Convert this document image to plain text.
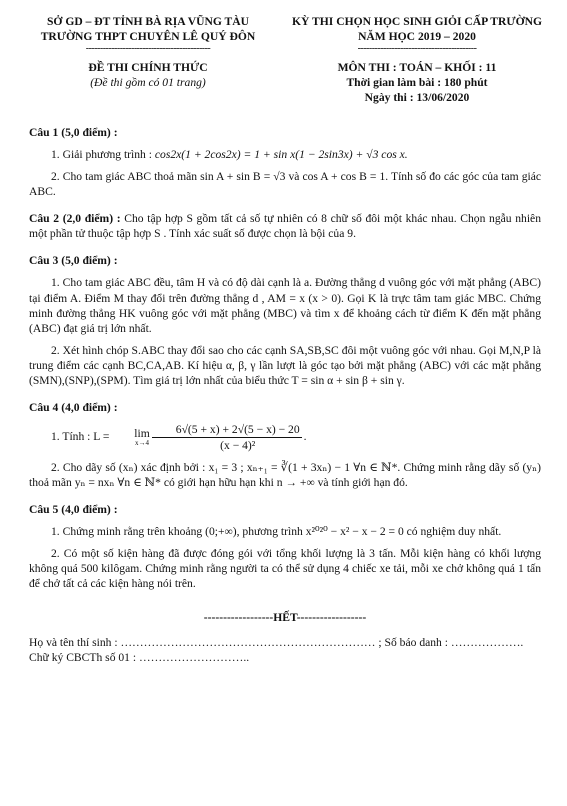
SỞ GD – ĐT TỈNH BÀ RỊA VŨNG TÀU
TRƯỜNG THPT CHUYÊN LÊ QUÝ ĐÔN
--------------------------------------------
ĐỀ THI CHÍNH THỨC
(Đề thi gồm có 01 trang)
KỲ THI CHỌN HỌC SINH GIỎI CẤP TRƯỜNG
NĂM HỌC 2019 – 2020
------------------------------------------
MÔN THI : TOÁN – KHỐI : 11
Thời gian làm bài : 180 phút
Ngày thi : 13/06/2020
Câu 1 (5,0 điểm) :

1. Giải phương trình : cos2x(1 + 2cos2x) = 1 + sin x(1 − 2sin3x) + √3 cos x.

2. Cho tam giác ABC thoả mãn sin A + sin B = √3 và cos A + cos B = 1. Tính số đo các góc của tam giác ABC.

Câu 2 (2,0 điểm) : Cho tập hợp S gồm tất cả số tự nhiên có 8 chữ số đôi một khác nhau. Chọn ngẫu nhiên một phần tử thuộc tập hợp S . Tính xác suất số được chọn là bội của 9.

Câu 3 (5,0 điểm) :

1. Cho tam giác ABC đều, tâm H và có độ dài cạnh là a. Đường thẳng d vuông góc với mặt phẳng (ABC) tại điểm A. Điểm M thay đổi trên đường thẳng d , AM = x (x > 0). Gọi K là trực tâm tam giác MBC. Chứng minh đường thẳng HK vuông góc với mặt phẳng (MBC) và tìm x để khoảng cách từ điểm K đến mặt phẳng (ABC) đạt giá trị lớn nhất.

2. Xét hình chóp S.ABC thay đổi sao cho các cạnh SA,SB,SC đôi một vuông góc với nhau. Gọi M,N,P là trung điểm các cạnh BC,CA,AB. Kí hiệu α, β, γ lần lượt là góc tạo bởi mặt phẳng (ABC) với các mặt phẳng (SMN),(SNP),(SPM). Tìm giá trị lớn nhất của biểu thức T = sin α + sin β + sin γ.

Câu 4 (4,0 điểm) :

1. Tính : L = lim
$x\to 4 \frac{6√(5 + x) + 2√(5 - x) - 20}{\text{(x − 4)²}}$ .

2. Cho dãy số (xₙ) xác định bởi : x₁ = 3 ; xₙ₊₁ = ∛(1 + 3xₙ) − 1 ∀n ∈ ℕ*. Chứng minh rằng dãy số (yₙ) thoả mãn yₙ = nxₙ ∀n ∈ ℕ* có giới hạn hữu hạn khi n → +∞ và tính giới hạn đó.

Câu 5 (4,0 điểm) :

1. Chứng minh rằng trên khoảng (0;+∞), phương trình x²⁰²⁰ − x² − x − 2 = 0 có nghiệm duy nhất.

2. Có một số kiện hàng đã được đóng gói với tổng khối lượng là 3 tấn. Mỗi kiện hàng có khối lượng không quá 500 kilôgam. Chứng minh rằng người ta có thể sử dụng 4 chiếc xe tải, mỗi xe chở không quá 1 tấn để chở tất cả các kiện hàng nói trên.

------------------HẾT------------------
Họ và tên thí sinh : ………………………………………………………… ; Số báo danh : ……………….
Chữ ký CBCTh số 01 : ………………………..
